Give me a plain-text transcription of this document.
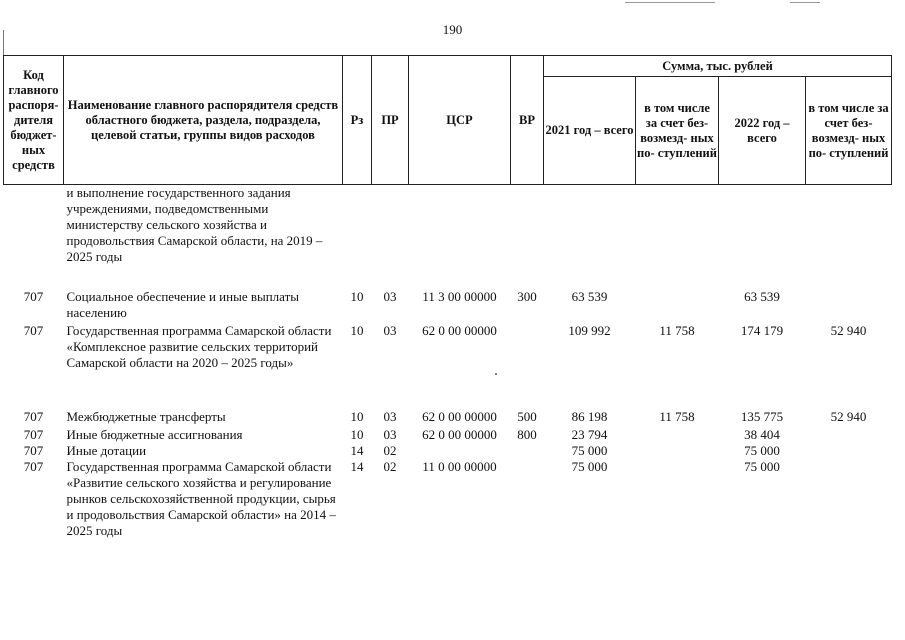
190
Код главного распоря- дителя бюджет- ных средств	Наименование главного распорядителя средств областного бюджета, раздела, подраздела, целевой статьи, группы видов расходов	Рз	ПР	ЦСР	ВР	Сумма, тыс. рублей			
						2021 год – всего	в том числе за счет без- возмезд- ных по- ступлений	2022 год – всего	в том числе за счет без- возмезд- ных по- ступлений
	и выполнение государственного задания учреждениями, подведомственными министерству сельского хозяйства и продовольствия Самарской области, на 2019 – 2025 годы								
707	Социальное обеспечение и иные выплаты населению	10	03	11 3 00 00000	300	63 539		63 539	
707	Государственная программа Самарской области «Комплексное развитие сельских территорий Самарской области на 2020 – 2025 годы»	10	03	62 0 00 00000		109 992	11 758	174 179	52 940
707	Межбюджетные трансферты	10	03	62 0 00 00000	500	86 198	11 758	135 775	52 940
707	Иные бюджетные ассигнования	10	03	62 0 00 00000	800	23 794		38 404	
707	Иные дотации	14	02			75 000		75 000	
707	Государственная программа Самарской области «Развитие сельского хозяйства и регулирование рынков сельскохозяйственной продукции, сырья и продовольствия Самарской области» на 2014 – 2025 годы	14	02	11 0 00 00000		75 000		75 000	
